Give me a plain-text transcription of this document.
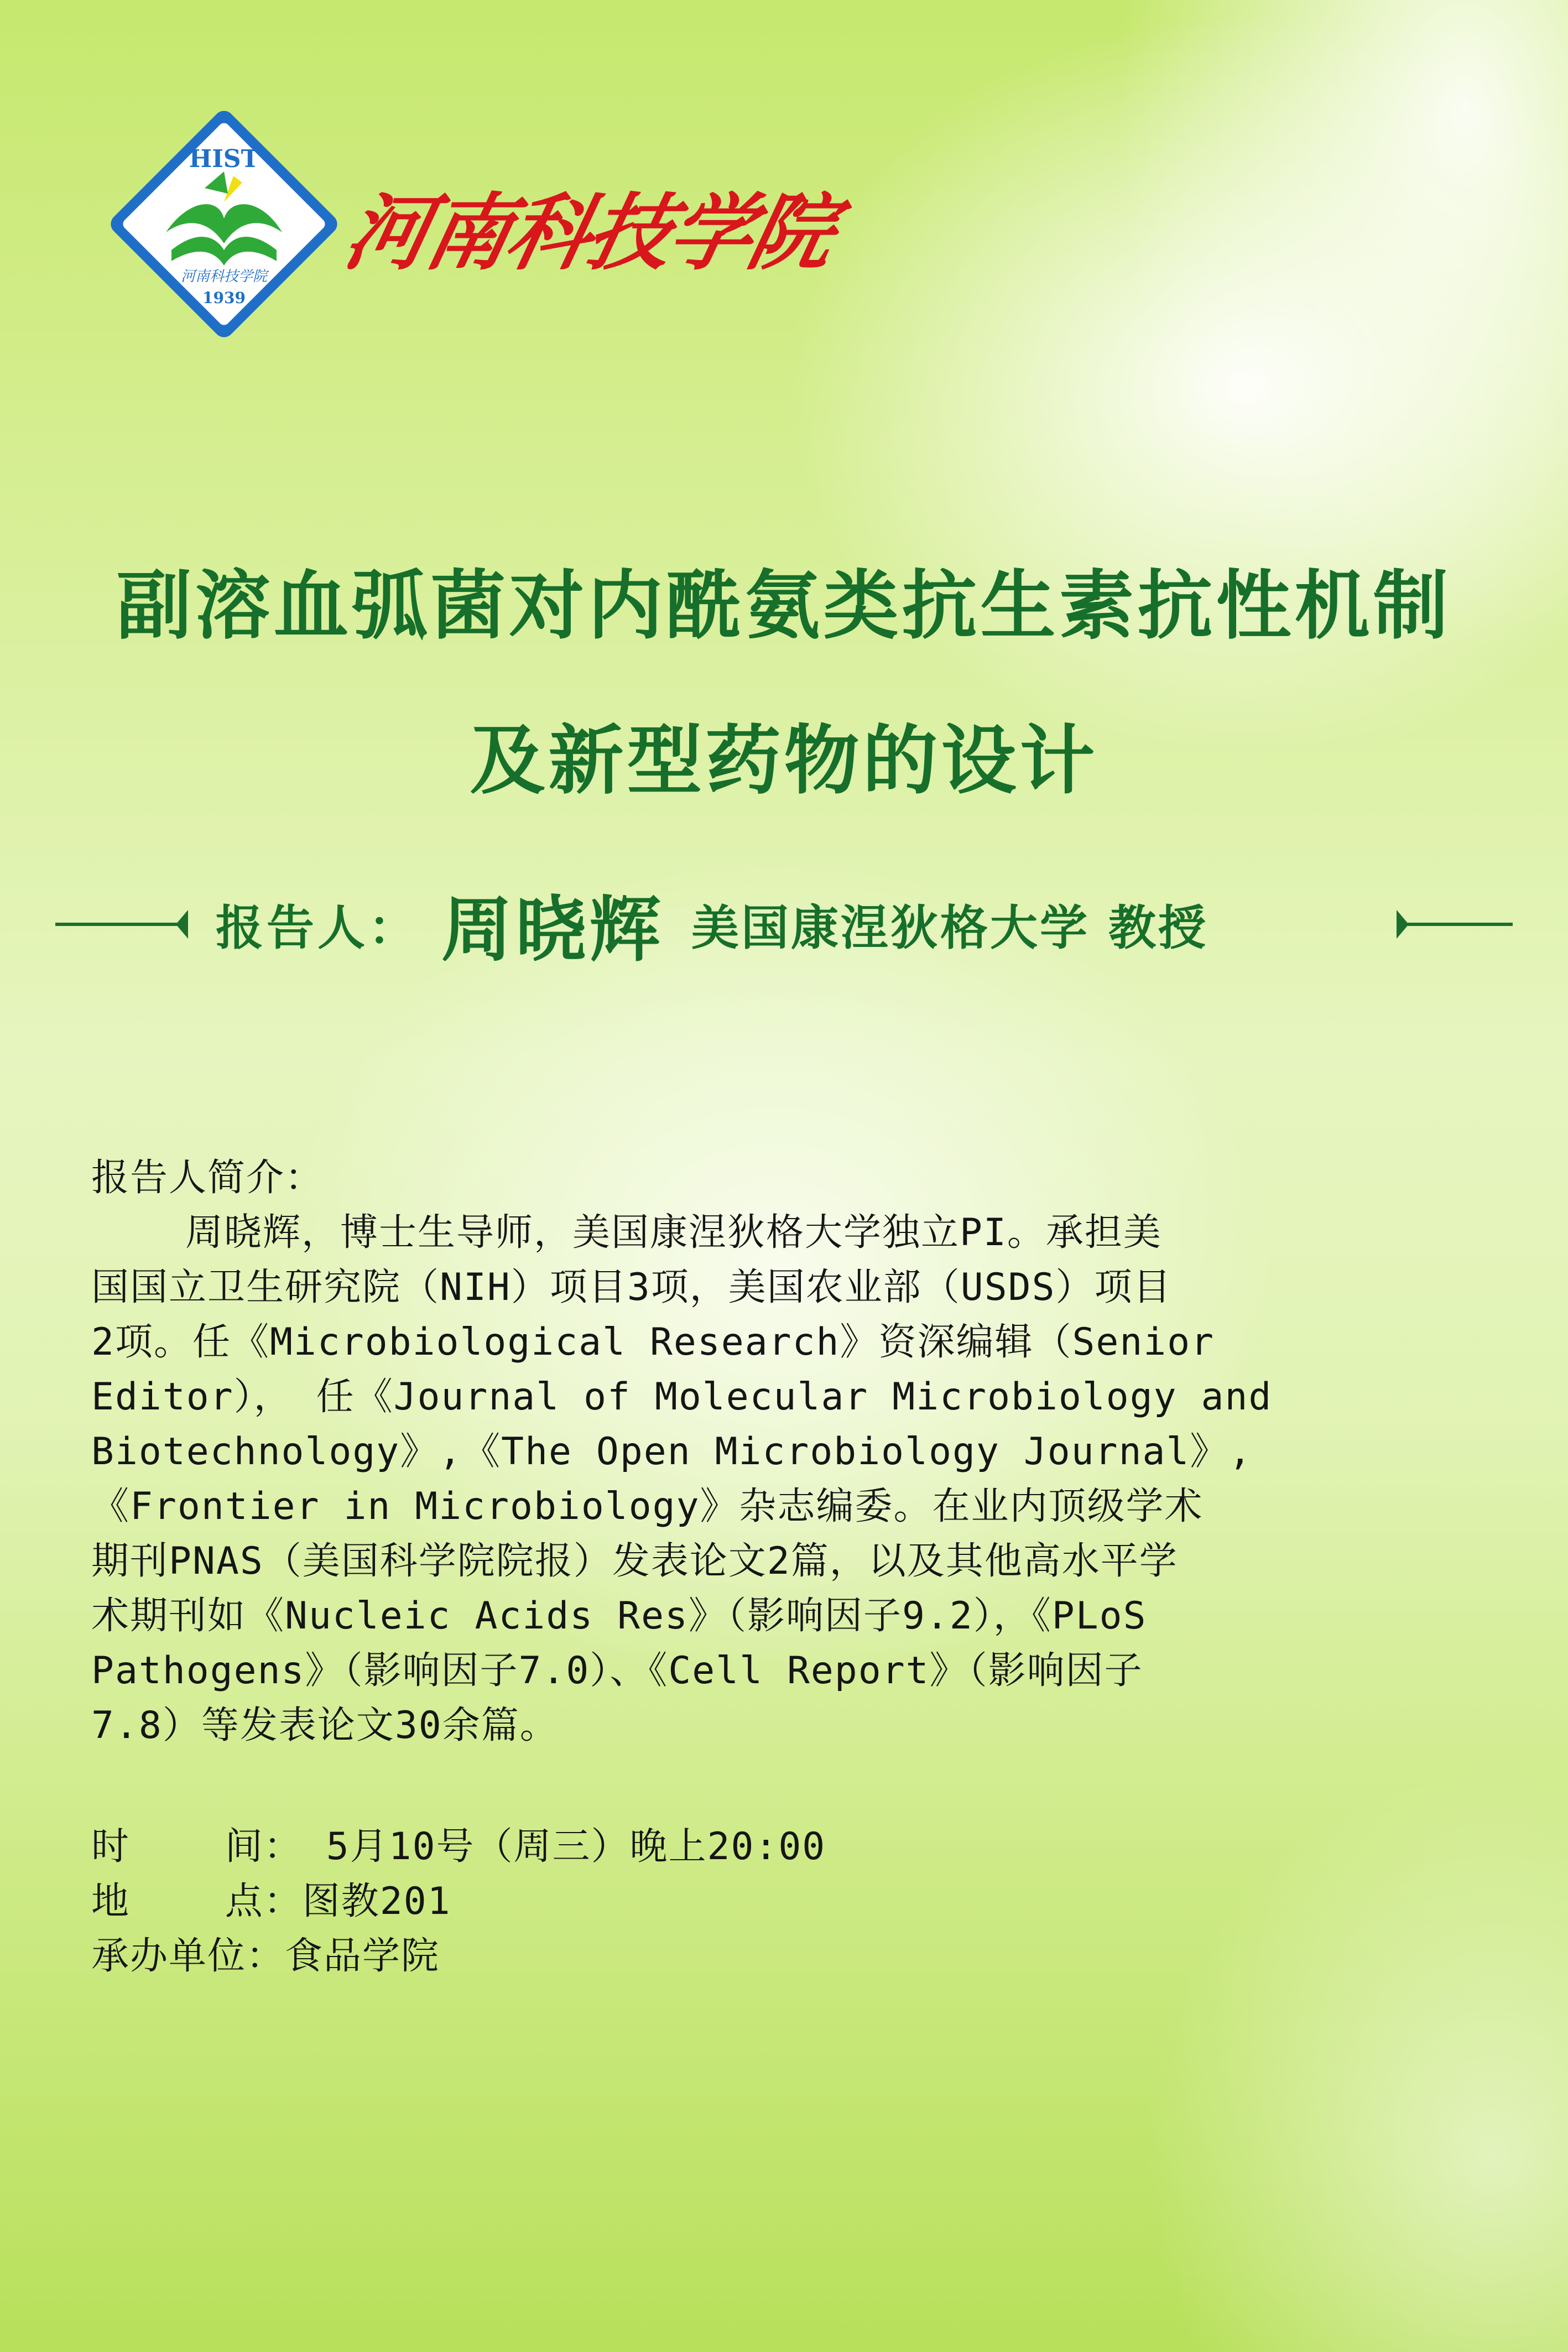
HIST
河南科技学院
1939
河南科技学院
副溶血弧菌对内酰氨类抗生素抗性机制
及新型药物的设计
报告人： 周晓辉 美国康涅狄格大学 教授

报告人简介：

周晓辉，博士生导师，美国康涅狄格大学独立PI。承担美

国国立卫生研究院（NIH）项目3项，美国农业部（USDS）项目

2项。任《Microbiological Research》资深编辑（Senior

Editor）， 任《Journal of Molecular Microbiology and

Biotechnology》,《The Open Microbiology Journal》,

《Frontier in Microbiology》杂志编委。在业内顶级学术

期刊PNAS（美国科学院院报）发表论文2篇，以及其他高水平学

术期刊如《Nucleic Acids Res》（影响因子9.2），《PLoS

Pathogens》（影响因子7.0）、《Cell Report》（影响因子

7.8）等发表论文30余篇。

时    间： 5月10号（周三）晚上20:00

地    点：图教201

承办单位：食品学院
